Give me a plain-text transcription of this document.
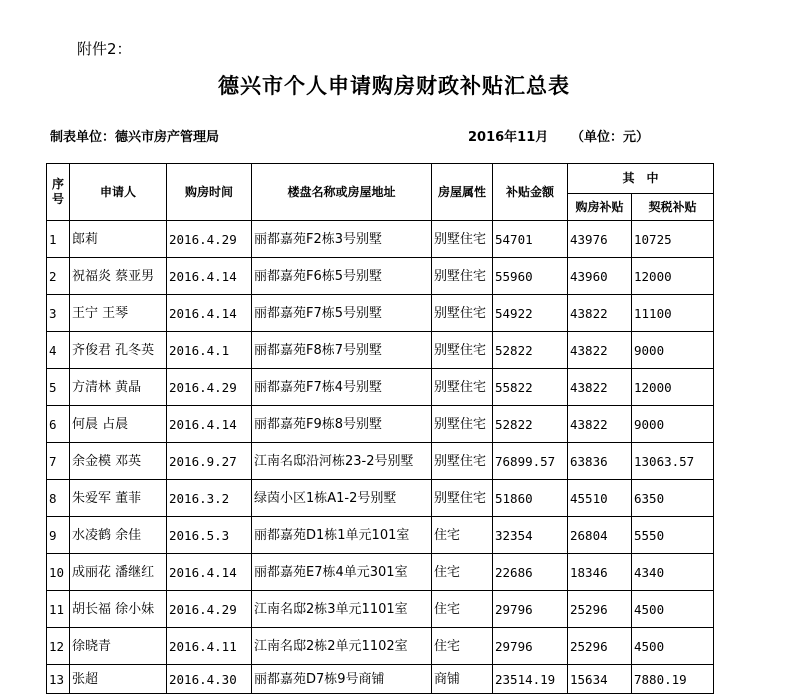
附件2：
德兴市个人申请购房财政补贴汇总表
制表单位：德兴市房产管理局	2016年11月 （单位：元）
序号	申请人	购房时间	楼盘名称或房屋地址	房屋属性	补贴金额	其　中	
						购房补贴	契税补贴

1	郎莉	2016.4.29	丽都嘉苑F2栋3号别墅	别墅住宅	54701	43976	10725

2	祝福炎 蔡亚男	2016.4.14	丽都嘉苑F6栋5号别墅	别墅住宅	55960	43960	12000

3	王宁 王琴	2016.4.14	丽都嘉苑F7栋5号别墅	别墅住宅	54922	43822	11100

4	齐俊君 孔冬英	2016.4.1	丽都嘉苑F8栋7号别墅	别墅住宅	52822	43822	9000

5	方清林 黄晶	2016.4.29	丽都嘉苑F7栋4号别墅	别墅住宅	55822	43822	12000

6	何晨 占晨	2016.4.14	丽都嘉苑F9栋8号别墅	别墅住宅	52822	43822	9000

7	余金模 邓英	2016.9.27	江南名邸沿河栋23-2号别墅	别墅住宅	76899.57	63836	13063.57

8	朱爱军 董菲	2016.3.2	绿茵小区1栋A1-2号别墅	别墅住宅	51860	45510	6350

9	水凌鹤 余佳	2016.5.3	丽都嘉苑D1栋1单元101室	住宅	32354	26804	5550

10	成丽花 潘继红	2016.4.14	丽都嘉苑E7栋4单元301室	住宅	22686	18346	4340

11	胡长福 徐小妹	2016.4.29	江南名邸2栋3单元1101室	住宅	29796	25296	4500

12	徐晓青	2016.4.11	江南名邸2栋2单元1102室	住宅	29796	25296	4500

13	张超	2016.4.30	丽都嘉苑D7栋9号商铺	商铺	23514.19	15634	7880.19
